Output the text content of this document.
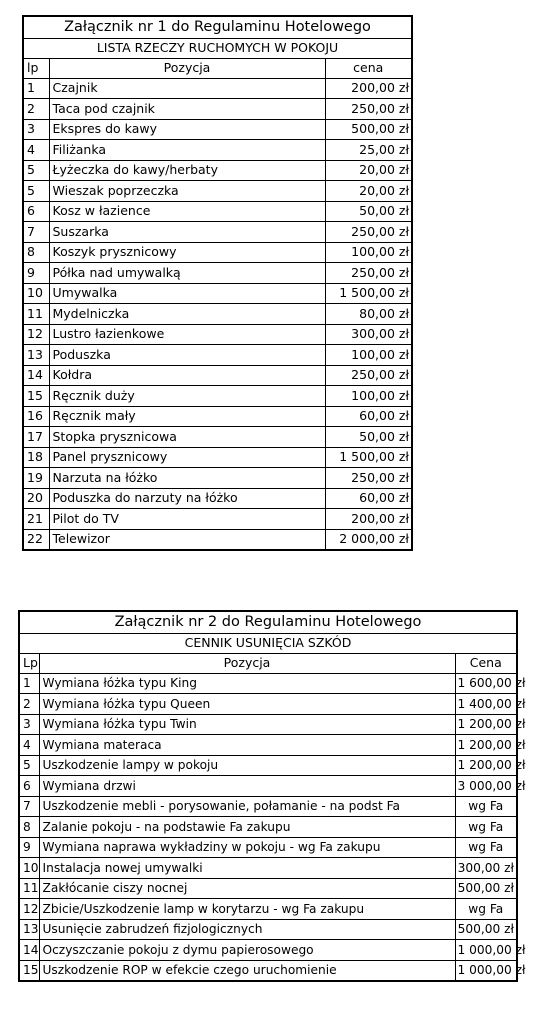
Załącznik nr 1 do Regulaminu Hotelowego		
LISTA RZECZY RUCHOMYCH W POKOJU		
lp	Pozycja	cena
1	Czajnik	200,00 zł
2	Taca pod czajnik	250,00 zł
3	Ekspres do kawy	500,00 zł
4	Filiżanka	25,00 zł
5	Łyżeczka do kawy/herbaty	20,00 zł
5	Wieszak poprzeczka	20,00 zł
6	Kosz w łazience	50,00 zł
7	Suszarka	250,00 zł
8	Koszyk prysznicowy	100,00 zł
9	Półka nad umywalką	250,00 zł
10	Umywalka	1 500,00 zł
11	Mydelniczka	80,00 zł
12	Lustro łazienkowe	300,00 zł
13	Poduszka	100,00 zł
14	Kołdra	250,00 zł
15	Ręcznik duży	100,00 zł
16	Ręcznik mały	60,00 zł
17	Stopka prysznicowa	50,00 zł
18	Panel prysznicowy	1 500,00 zł
19	Narzuta na łóżko	250,00 zł
20	Poduszka do narzuty na łóżko	60,00 zł
21	Pilot do TV	200,00 zł
22	Telewizor	2 000,00 zł
Załącznik nr 2 do Regulaminu Hotelowego		
CENNIK USUNIĘCIA SZKÓD		
Lp	Pozycja	Cena
1	Wymiana łóżka typu King	1 600,00 zł
2	Wymiana łóżka typu Queen	1 400,00 zł
3	Wymiana łóżka typu Twin	1 200,00 zł
4	Wymiana materaca	1 200,00 zł
5	Uszkodzenie lampy w pokoju	1 200,00 zł
6	Wymiana drzwi	3 000,00 zł
7	Uszkodzenie mebli - porysowanie, połamanie - na podst Fa	wg Fa
8	Zalanie pokoju - na podstawie Fa zakupu	wg Fa
9	Wymiana naprawa wykładziny w pokoju - wg Fa zakupu	wg Fa
10	Instalacja nowej umywalki	300,00 zł
11	Zakłócanie ciszy nocnej	500,00 zł
12	Zbicie/Uszkodzenie lamp w korytarzu - wg Fa zakupu	wg Fa
13	Usunięcie zabrudzeń fizjologicznych	500,00 zł
14	Oczyszczanie pokoju z dymu papierosowego	1 000,00 zł
15	Uszkodzenie ROP w efekcie czego uruchomienie	1 000,00 zł
